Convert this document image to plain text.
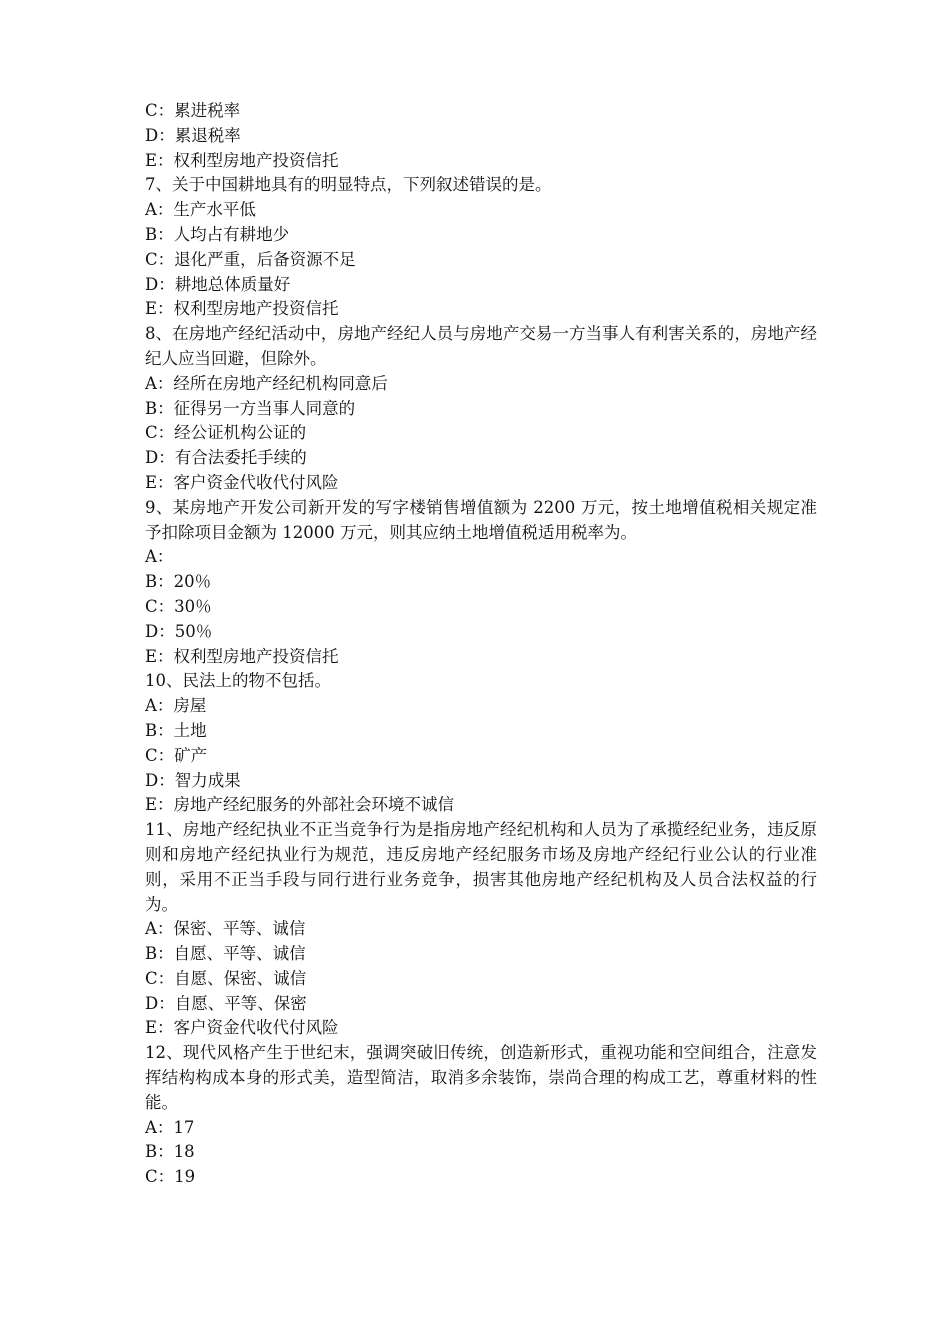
C：累进税率
D：累退税率
E：权利型房地产投资信托
7、关于中国耕地具有的明显特点，下列叙述错误的是。
A：生产水平低
B：人均占有耕地少
C：退化严重，后备资源不足
D：耕地总体质量好
E：权利型房地产投资信托
8、在房地产经纪活动中，房地产经纪人员与房地产交易一方当事人有利害关系的，房地产经纪人应当回避，但除外。
A：经所在房地产经纪机构同意后
B：征得另一方当事人同意的
C：经公证机构公证的
D：有合法委托手续的
E：客户资金代收代付风险
9、某房地产开发公司新开发的写字楼销售增值额为 2200 万元，按土地增值税相关规定准予扣除项目金额为 12000 万元，则其应纳土地增值税适用税率为。
A：
B：20％
C：30％
D：50％
E：权利型房地产投资信托
10、民法上的物不包括。
A：房屋
B：土地
C：矿产
D：智力成果
E：房地产经纪服务的外部社会环境不诚信
11、房地产经纪执业不正当竞争行为是指房地产经纪机构和人员为了承揽经纪业务，违反原则和房地产经纪执业行为规范，违反房地产经纪服务市场及房地产经纪行业公认的行业准则，采用不正当手段与同行进行业务竞争，损害其他房地产经纪机构及人员合法权益的行为。
A：保密、平等、诚信
B：自愿、平等、诚信
C：自愿、保密、诚信
D：自愿、平等、保密
E：客户资金代收代付风险
12、现代风格产生于世纪末，强调突破旧传统，创造新形式，重视功能和空间组合，注意发挥结构构成本身的形式美，造型简洁，取消多余装饰，崇尚合理的构成工艺，尊重材料的性能。
A：17
B：18
C：19
